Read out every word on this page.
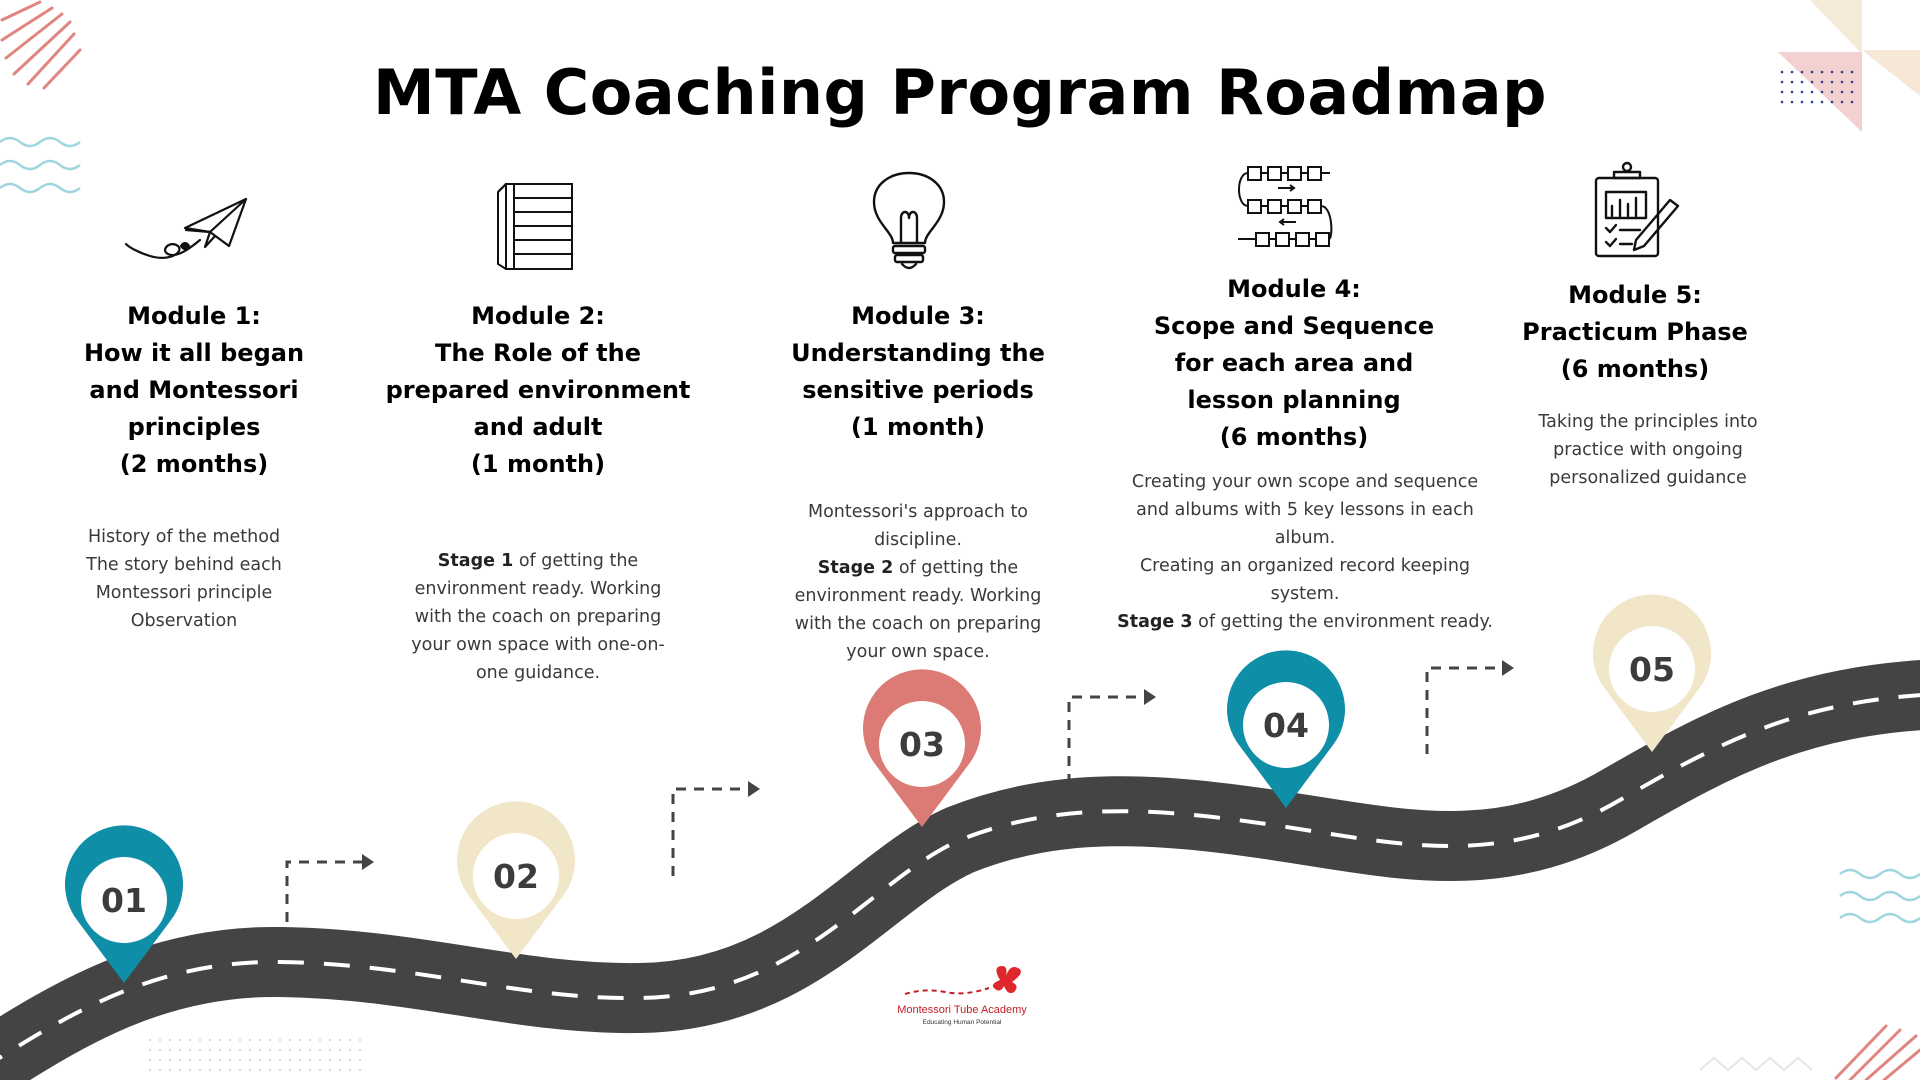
01
02
03	04
05
Montessori Tube Academy
Educating Human Potential
MTA Coaching Program Roadmap
Module 1:
How it all began
and Montessori
principles
(2 months)
History of the method
The story behind each
Montessori principle
Observation
Module 2:
The Role of the
prepared environment
and adult
(1 month)
Stage 1 of getting the
environment ready. Working
with the coach on preparing
your own space with one-on-
one guidance.
Module 3:
Understanding the
sensitive periods
(1 month)
Montessori's approach to
discipline.
Stage 2 of getting the
environment ready. Working
with the coach on preparing
your own space.
Module 4:
Scope and Sequence
for each area and
lesson planning
(6 months)
Creating your own scope and sequence
and albums with 5 key lessons in each
album.
Creating an organized record keeping
system.
Stage 3 of getting the environment ready.
Module 5:
Practicum Phase
(6 months)
Taking the principles into
practice with ongoing
personalized guidance
